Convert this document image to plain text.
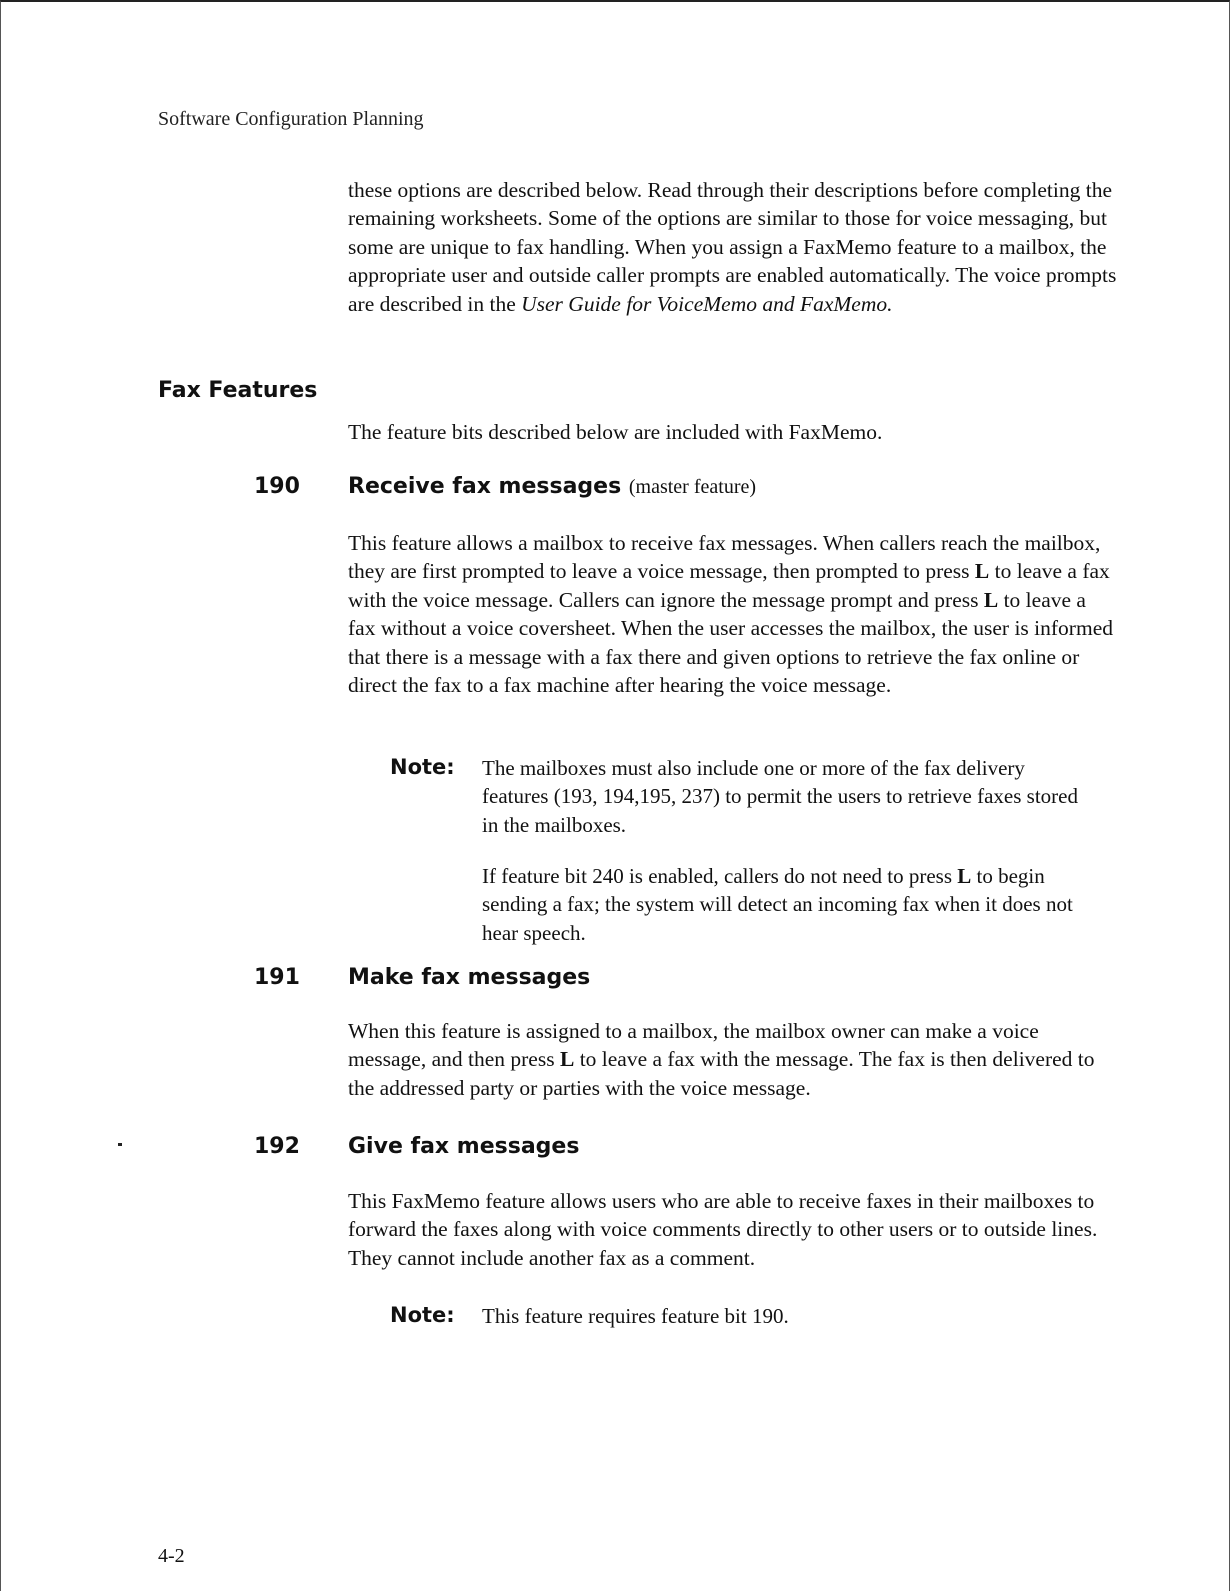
Software Configuration Planning
these options are described below. Read through their descriptions before completing the remaining worksheets. Some of the options are similar to those for voice messaging, but some are unique to fax handling. When you assign a FaxMemo feature to a mailbox, the appropriate user and outside caller prompts are enabled automatically. The voice prompts are described in the User Guide for VoiceMemo and FaxMemo.
Fax Features
The feature bits described below are included with FaxMemo.
190 Receive fax messages (master feature)
This feature allows a mailbox to receive fax messages. When callers reach the mailbox, they are first prompted to leave a voice message, then prompted to press L to leave a fax with the voice message. Callers can ignore the message prompt and press L to leave a fax without a voice coversheet. When the user accesses the mailbox, the user is informed that there is a message with a fax there and given options to retrieve the fax online or direct the fax to a fax machine after hearing the voice message.
Note: The mailboxes must also include one or more of the fax delivery features (193, 194,195, 237) to permit the users to retrieve faxes stored in the mailboxes.
If feature bit 240 is enabled, callers do not need to press L to begin sending a fax; the system will detect an incoming fax when it does not hear speech.
191 Make fax messages
When this feature is assigned to a mailbox, the mailbox owner can make a voice message, and then press L to leave a fax with the message. The fax is then delivered to the addressed party or parties with the voice message.
192 Give fax messages
This FaxMemo feature allows users who are able to receive faxes in their mailboxes to forward the faxes along with voice comments directly to other users or to outside lines. They cannot include another fax as a comment.
Note: This feature requires feature bit 190.
4-2
